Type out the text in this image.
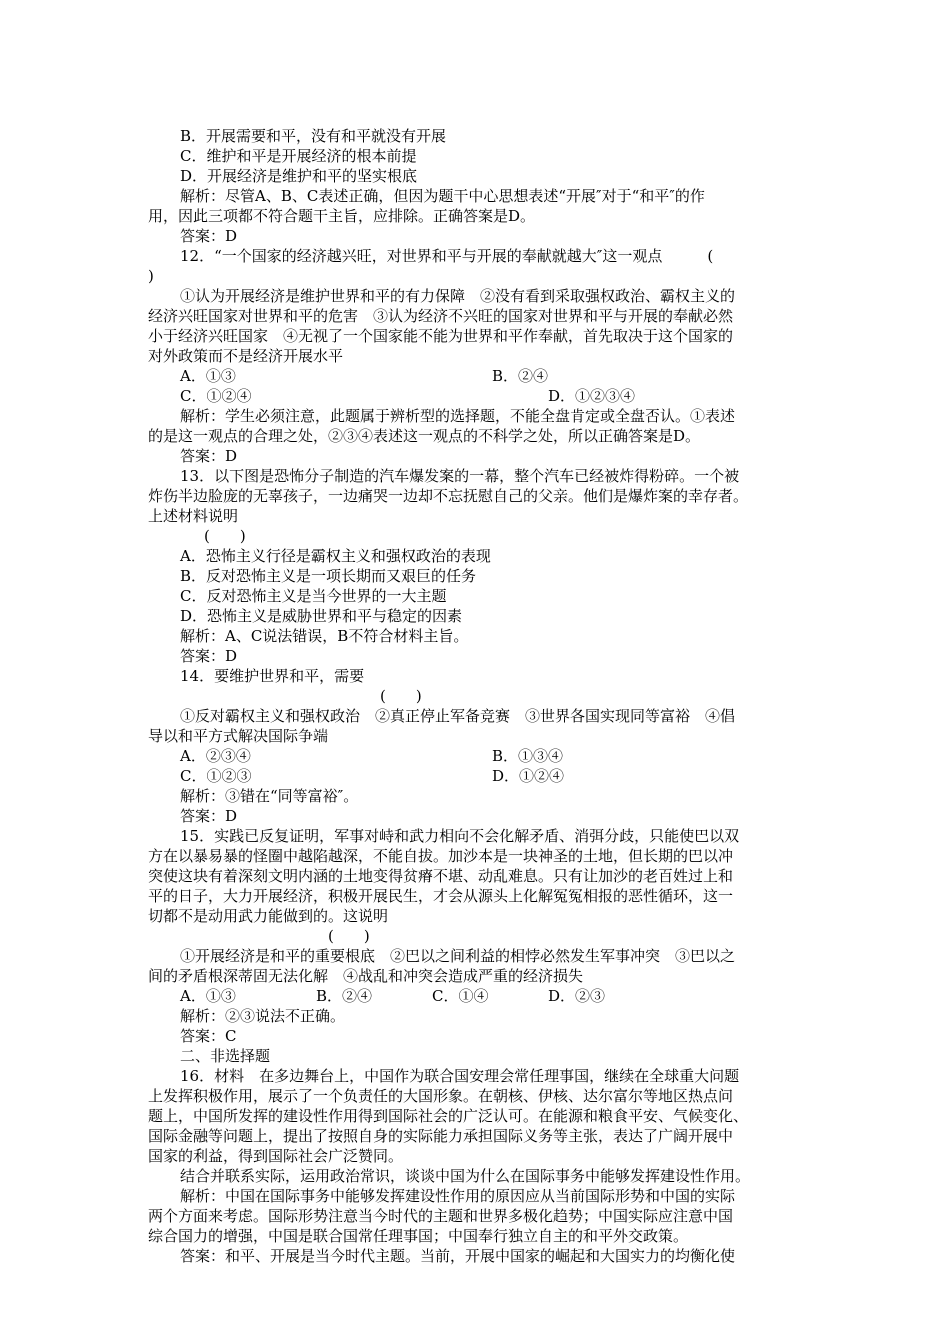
B．开展需要和平，没有和平就没有开展
C．维护和平是开展经济的根本前提
D．开展经济是维护和平的坚实根底
解析：尽管A、B、C表述正确，但因为题干中心思想表述“开展″对于“和平″的作
用，因此三项都不符合题干主旨，应排除。正确答案是D。
答案：D
12．“一个国家的经济越兴旺，对世界和平与开展的奉献就越大″这一观点　　　(
)
①认为开展经济是维护世界和平的有力保障　②没有看到采取强权政治、霸权主义的
经济兴旺国家对世界和平的危害　③认为经济不兴旺的国家对世界和平与开展的奉献必然
小于经济兴旺国家　④无视了一个国家能不能为世界和平作奉献，首先取决于这个国家的
对外政策而不是经济开展水平
A．①③	B．②④
C．①②④	D．①②③④
解析：学生必须注意，此题属于辨析型的选择题，不能全盘肯定或全盘否认。①表述
的是这一观点的合理之处，②③④表述这一观点的不科学之处，所以正确答案是D。
答案：D
13．以下图是恐怖分子制造的汽车爆发案的一幕，整个汽车已经被炸得粉碎。一个被
炸伤半边脸庞的无辜孩子，一边痛哭一边却不忘抚慰自己的父亲。他们是爆炸案的幸存者。
上述材料说明
(　　)
A．恐怖主义行径是霸权主义和强权政治的表现
B．反对恐怖主义是一项长期而又艰巨的任务
C．反对恐怖主义是当今世界的一大主题
D．恐怖主义是威胁世界和平与稳定的因素
解析：A、C说法错误，B不符合材料主旨。
答案：D
14．要维护世界和平，需要
(　　)
①反对霸权主义和强权政治　②真正停止军备竞赛　③世界各国实现同等富裕　④倡
导以和平方式解决国际争端
A．②③④	B．①③④
C．①②③	D．①②④
解析：③错在“同等富裕″。
答案：D
15．实践已反复证明，军事对峙和武力相向不会化解矛盾、消弭分歧，只能使巴以双
方在以暴易暴的怪圈中越陷越深，不能自拔。加沙本是一块神圣的土地，但长期的巴以冲
突使这块有着深刻文明内涵的土地变得贫瘠不堪、动乱难息。只有让加沙的老百姓过上和
平的日子，大力开展经济，积极开展民生，才会从源头上化解冤冤相报的恶性循环，这一
切都不是动用武力能做到的。这说明
(　　)
①开展经济是和平的重要根底　②巴以之间利益的相悖必然发生军事冲突　③巴以之
间的矛盾根深蒂固无法化解　④战乱和冲突会造成严重的经济损失
A．①③	B．②④	C．①④	D．②③
解析：②③说法不正确。
答案：C
二、非选择题
16．材料　在多边舞台上，中国作为联合国安理会常任理事国，继续在全球重大问题
上发挥积极作用，展示了一个负责任的大国形象。在朝核、伊核、达尔富尔等地区热点问
题上，中国所发挥的建设性作用得到国际社会的广泛认可。在能源和粮食平安、气候变化、
国际金融等问题上，提出了按照自身的实际能力承担国际义务等主张，表达了广阔开展中
国家的利益，得到国际社会广泛赞同。
结合并联系实际，运用政治常识，谈谈中国为什么在国际事务中能够发挥建设性作用。
解析：中国在国际事务中能够发挥建设性作用的原因应从当前国际形势和中国的实际
两个方面来考虑。国际形势注意当今时代的主题和世界多极化趋势；中国实际应注意中国
综合国力的增强，中国是联合国常任理事国；中国奉行独立自主的和平外交政策。
答案：和平、开展是当今时代主题。当前，开展中国家的崛起和大国实力的均衡化使
